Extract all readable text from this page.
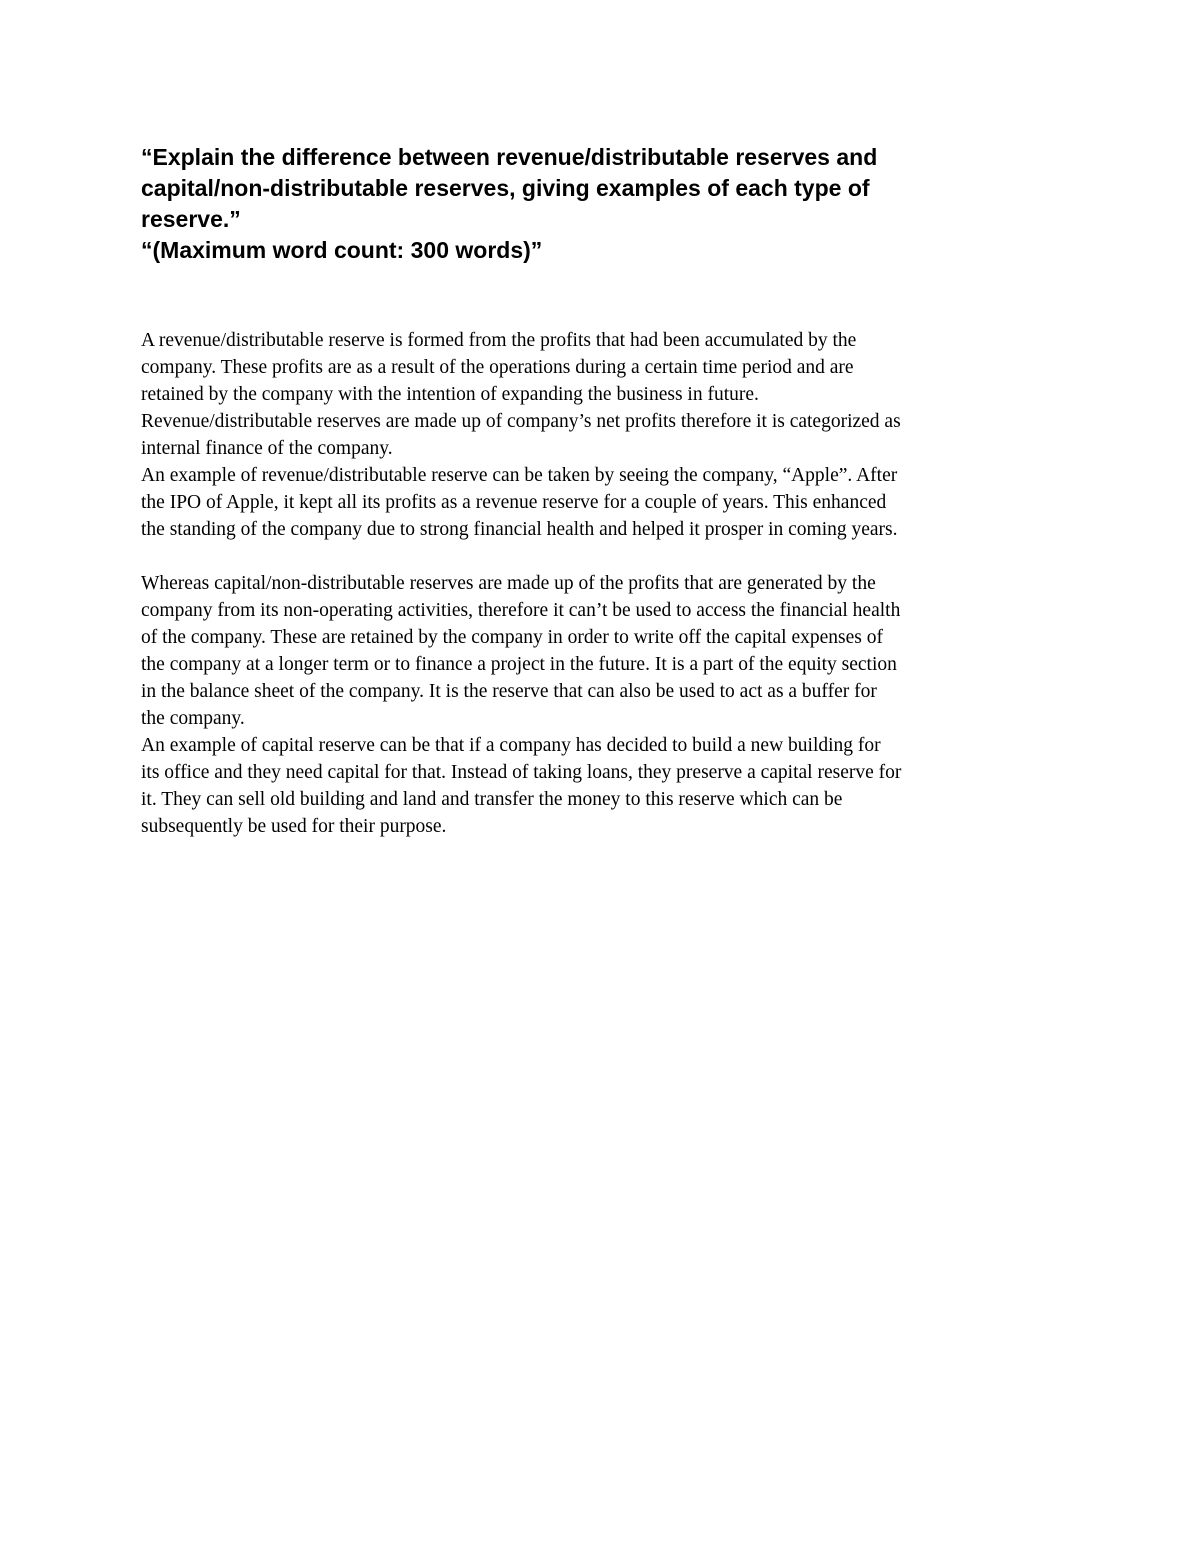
“Explain the difference between revenue/distributable reserves and
capital/non-distributable reserves, giving examples of each type of
reserve.”
“(Maximum word count: 300 words)”
A revenue/distributable reserve is formed from the profits that had been accumulated by the
company. These profits are as a result of the operations during a certain time period and are
retained by the company with the intention of expanding the business in future.
Revenue/distributable reserves are made up of company’s net profits therefore it is categorized as
internal finance of the company.
An example of revenue/distributable reserve can be taken by seeing the company, “Apple”. After
the IPO of Apple, it kept all its profits as a revenue reserve for a couple of years. This enhanced
the standing of the company due to strong financial health and helped it prosper in coming years.
Whereas capital/non-distributable reserves are made up of the profits that are generated by the
company from its non-operating activities, therefore it can’t be used to access the financial health
of the company. These are retained by the company in order to write off the capital expenses of
the company at a longer term or to finance a project in the future. It is a part of the equity section
in the balance sheet of the company. It is the reserve that can also be used to act as a buffer for
the company.
An example of capital reserve can be that if a company has decided to build a new building for
its office and they need capital for that. Instead of taking loans, they preserve a capital reserve for
it. They can sell old building and land and transfer the money to this reserve which can be
subsequently be used for their purpose.
